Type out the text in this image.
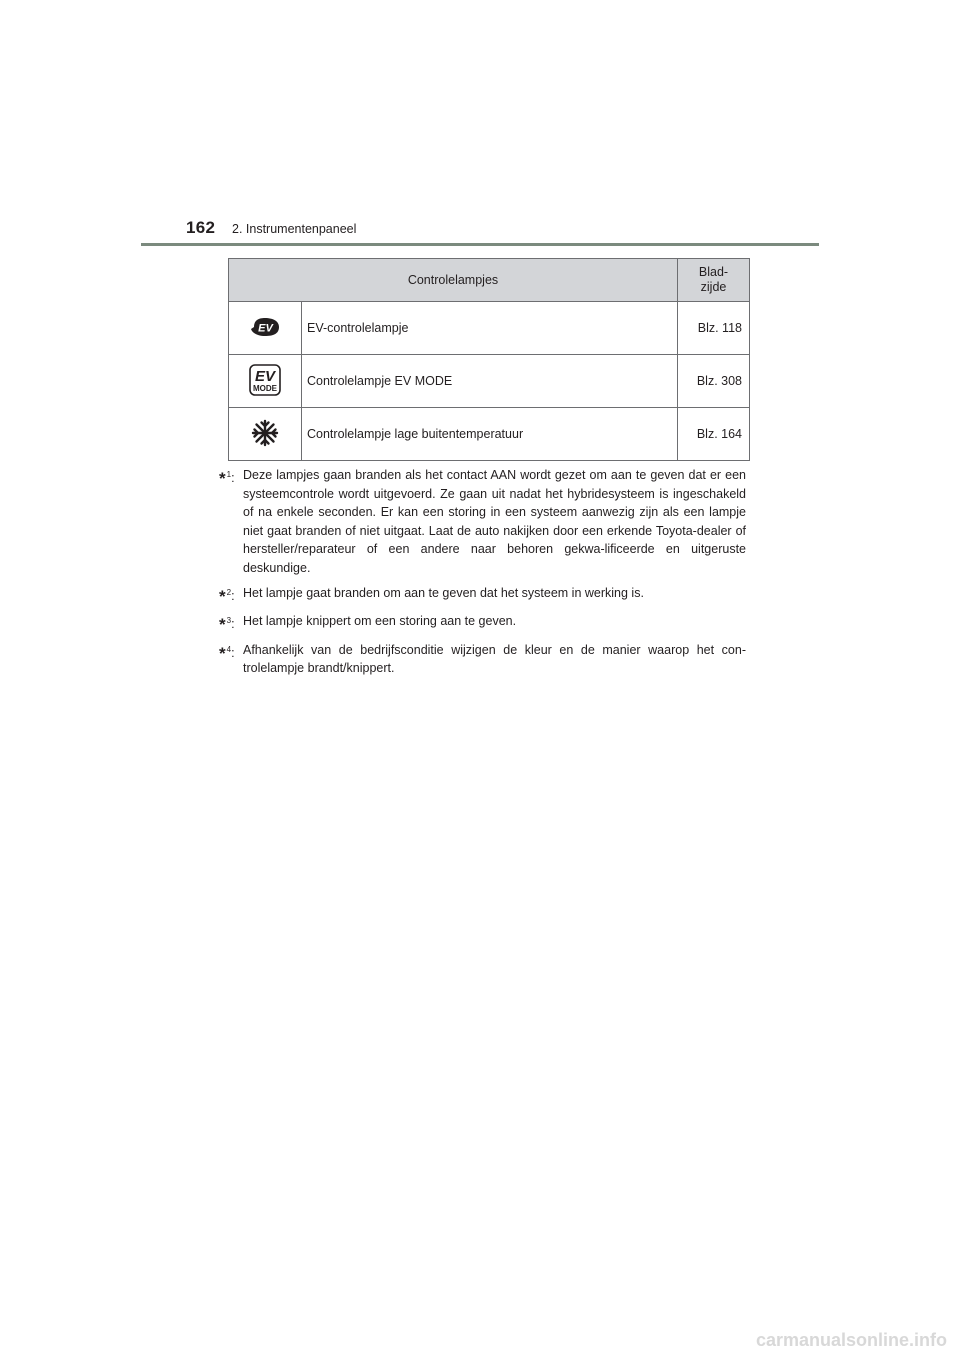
162 2. Instrumentenpaneel
Controlelampjes		Blad-
zijde

EV	EV-controlelampje	Blz. 118

EV
MODE	Controlelampje EV MODE	Blz. 308
	Controlelampje lage buitentemperatuur	Blz. 164
*$^1$: Deze lampjes gaan branden als het contact AAN wordt gezet om aan te geven dat er een systeemcontrole wordt uitgevoerd. Ze gaan uit nadat het hybridesysteem is ingeschakeld of na enkele seconden. Er kan een storing in een systeem aanwezig zijn als een lampje niet gaat branden of niet uitgaat. Laat de auto nakijken door een erkende Toyota-dealer of hersteller/reparateur of een andere naar behoren gekwa-lificeerde en uitgeruste deskundige.
*$^2$: Het lampje gaat branden om aan te geven dat het systeem in werking is.
*$^3$: Het lampje knippert om een storing aan te geven.
*$^4$: Afhankelijk van de bedrijfsconditie wijzigen de kleur en de manier waarop het con-trolelampje brandt/knippert.
carmanualsonline.info
